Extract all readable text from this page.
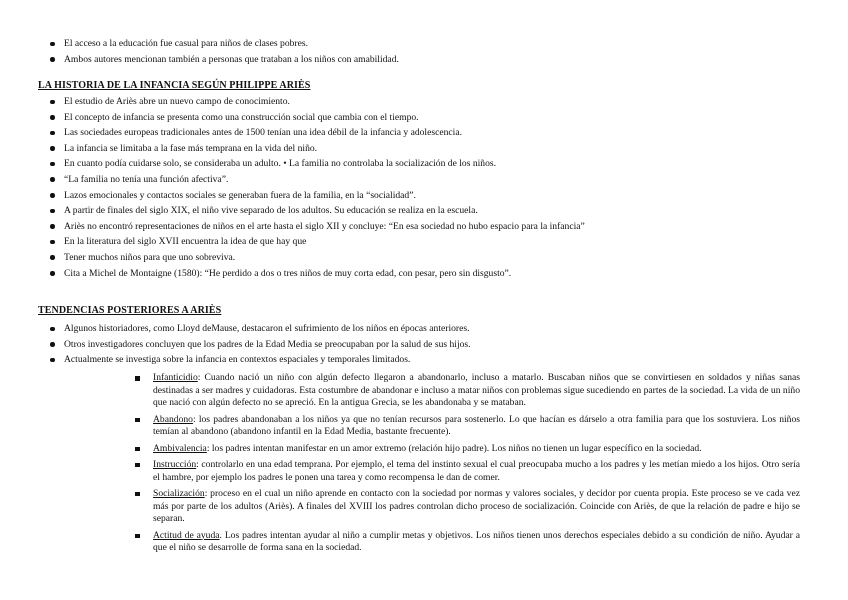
El acceso a la educación fue casual para niños de clases pobres.
Ambos autores mencionan también a personas que trataban a los niños con amabilidad.
LA HISTORIA DE LA INFANCIA SEGÚN PHILIPPE ARIÈS
El estudio de Ariès abre un nuevo campo de conocimiento.
El concepto de infancia se presenta como una construcción social que cambia con el tiempo.
Las sociedades europeas tradicionales antes de 1500 tenían una idea débil de la infancia y adolescencia.
La infancia se limitaba a la fase más temprana en la vida del niño.
En cuanto podía cuidarse solo, se consideraba un adulto. • La familia no controlaba la socialización de los niños.
“La familia no tenía una función afectiva”.
Lazos emocionales y contactos sociales se generaban fuera de la familia, en la “socialidad”.
A partir de finales del siglo XIX, el niño vive separado de los adultos. Su educación se realiza en la escuela.
Ariès no encontró representaciones de niños en el arte hasta el siglo XII y concluye: “En esa sociedad no hubo espacio para la infancia”
En la literatura del siglo XVII encuentra la idea de que hay que
Tener muchos niños para que uno sobreviva.
Cita a Michel de Montaigne (1580): “He perdido a dos o tres niños de muy corta edad, con pesar, pero sin disgusto”.
TENDENCIAS POSTERIORES A ARIÈS
Algunos historiadores, como Lloyd deMause, destacaron el sufrimiento de los niños en épocas anteriores.
Otros investigadores concluyen que los padres de la Edad Media se preocupaban por la salud de sus hijos.
Actualmente se investiga sobre la infancia en contextos espaciales y temporales limitados.
Infanticidio: Cuando nació un niño con algún defecto llegaron a abandonarlo, incluso a matarlo. Buscaban niños que se convirtiesen en soldados y niñas sanas destinadas a ser madres y cuidadoras. Esta costumbre de abandonar e incluso a matar niños con problemas sigue sucediendo en partes de la sociedad. La vida de un niño que nació con algún defecto no se apreció. En la antigua Grecia, se les abandonaba y se mataban.
Abandono: los padres abandonaban a los niños ya que no tenían recursos para sostenerlo. Lo que hacían es dárselo a otra familia para que los sostuviera. Los niños temían al abandono (abandono infantil en la Edad Media, bastante frecuente).
Ambivalencia: los padres intentan manifestar en un amor extremo (relación hijo padre). Los niños no tienen un lugar específico en la sociedad.
Instrucción: controlarlo en una edad temprana. Por ejemplo, el tema del instinto sexual el cual preocupaba mucho a los padres y les metían miedo a los hijos. Otro sería el hambre, por ejemplo los padres le ponen una tarea y como recompensa le dan de comer.
Socialización: proceso en el cual un niño aprende en contacto con la sociedad por normas y valores sociales, y decidor por cuenta propia. Este proceso se ve cada vez más por parte de los adultos (Ariès). A finales del XVIII los padres controlan dicho proceso de socialización. Coincide con Ariès, de que la relación de padre e hijo se separan.
Actitud de ayuda. Los padres intentan ayudar al niño a cumplir metas y objetivos. Los niños tienen unos derechos especiales debido a su condición de niño. Ayudar a que el niño se desarrolle de forma sana en la sociedad.
